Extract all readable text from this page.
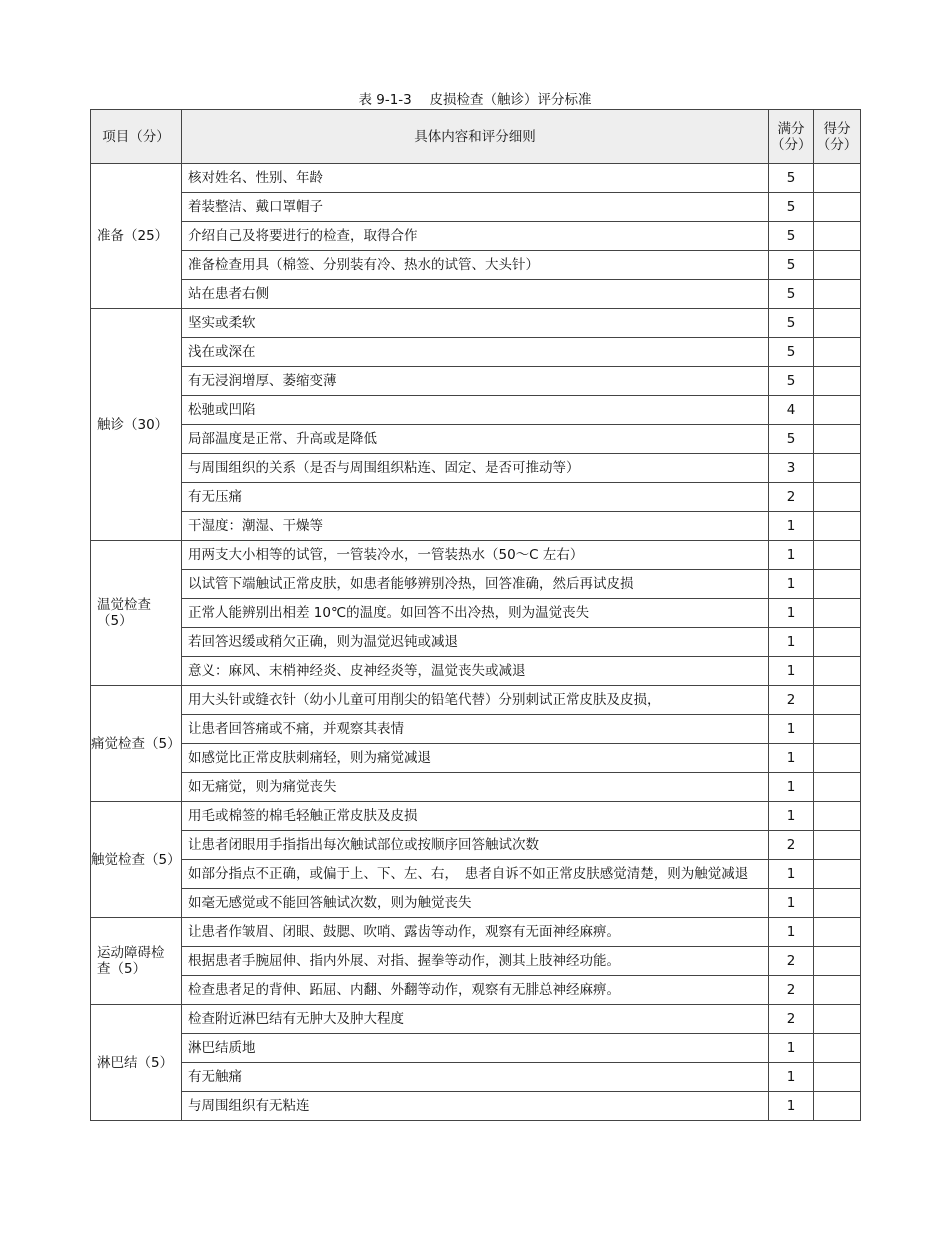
表 9-1-3　 皮损检查（触诊）评分标准
项目（分）	具体内容和评分细则	满分（分）	得分（分）
准备（25）	核对姓名、性别、年龄	5	
	着装整洁、戴口罩帽子	5	
	介绍自己及将要进行的检查，取得合作	5	
	准备检查用具（棉签、分别装有冷、热水的试管、大头针）	5	
	站在患者右侧	5	
触诊（30）	坚实或柔软	5	
	浅在或深在	5	
	有无浸润增厚、萎缩变薄	5	
	松驰或凹陷	4	
	局部温度是正常、升高或是降低	5	
	与周围组织的关系（是否与周围组织粘连、固定、是否可推动等）	3	
	有无压痛	2	
	干湿度：潮湿、干燥等	1	
温觉检查（5）	用两支大小相等的试管，一管装冷水，一管装热水（50～C 左右）	1	
	以试管下端触试正常皮肤，如患者能够辨别冷热，回答准确，然后再试皮损	1	
	正常人能辨别出相差 10℃的温度。如回答不出冷热，则为温觉丧失	1	
	若回答迟缓或稍欠正确，则为温觉迟钝或减退	1	
	意义：麻风、末梢神经炎、皮神经炎等，温觉丧失或减退	1	
痛觉检查（5）	用大头针或缝衣针（幼小儿童可用削尖的铅笔代替）分别刺试正常皮肤及皮损，	2	
	让患者回答痛或不痛，并观察其表情	1	
	如感觉比正常皮肤刺痛轻，则为痛觉减退	1	
	如无痛觉，则为痛觉丧失	1	
触觉检查（5）	用毛或棉签的棉毛轻触正常皮肤及皮损	1	
	让患者闭眼用手指指出每次触试部位或按顺序回答触试次数	2	
	如部分指点不正确，或偏于上、下、左、右，　患者自诉不如正常皮肤感觉清楚，则为触觉减退	1	
	如毫无感觉或不能回答触试次数，则为触觉丧失	1	
运动障碍检查（5）	让患者作皱眉、闭眼、鼓腮、吹哨、露齿等动作，观察有无面神经麻痹。	1	
	根据患者手腕屈伸、指内外展、对指、握拳等动作，测其上肢神经功能。	2	
	检查患者足的背伸、跖屈、内翻、外翻等动作，观察有无腓总神经麻痹。	2	
淋巴结（5）	检查附近淋巴结有无肿大及肿大程度	2	
	淋巴结质地	1	
	有无触痛	1	
	与周围组织有无粘连	1	
